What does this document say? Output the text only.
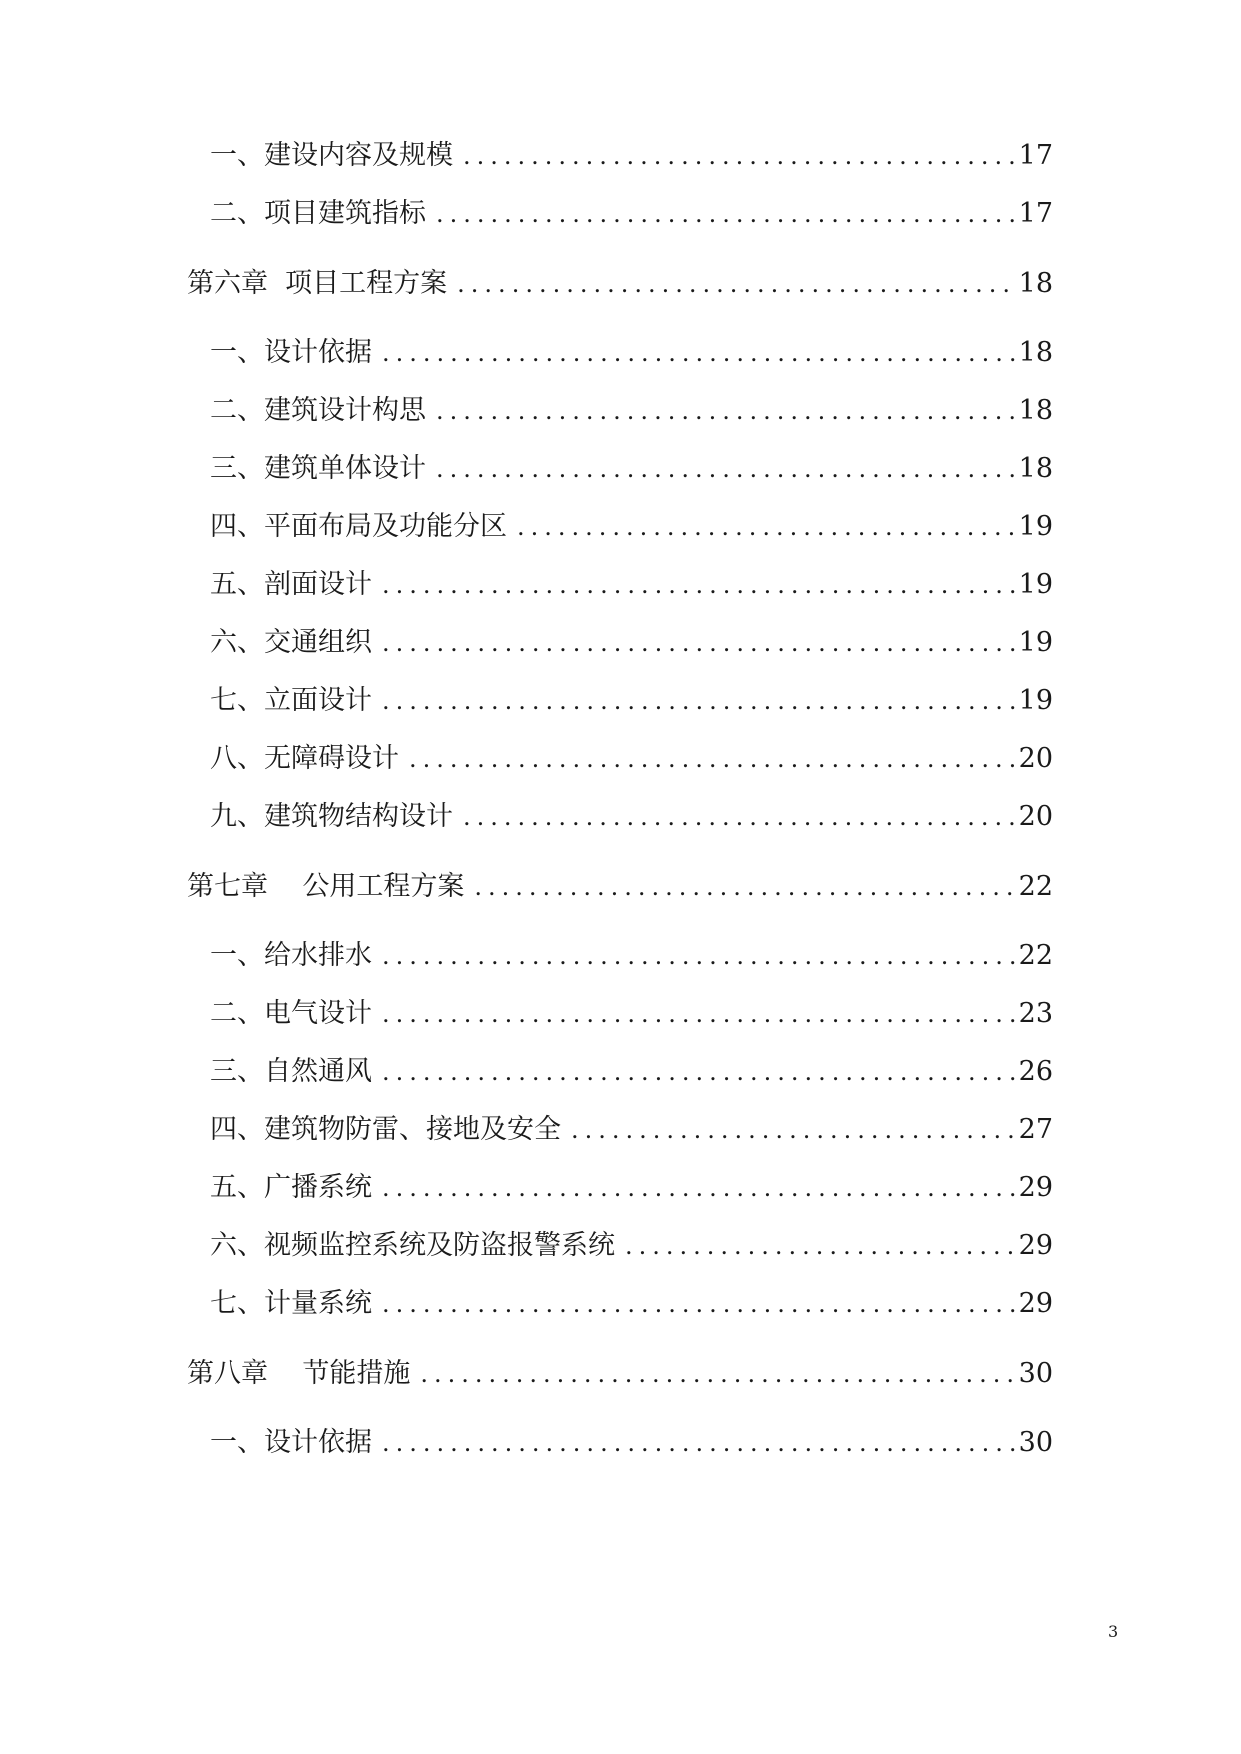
一、建设内容及规模 .....	17
二、项目建筑指标 .....	17
第六章  项目工程方案 .....	18
一、设计依据 .....	18
二、建筑设计构思 .....	18
三、建筑单体设计 .....	18
四、平面布局及功能分区 .....	19
五、剖面设计 .....	19
六、交通组织 .....	19
七、立面设计 .....	19
八、无障碍设计 .....	20
九、建筑物结构设计 .....	20
第七章    公用工程方案 .....	22
一、给水排水 .....	22
二、电气设计 .....	23
三、自然通风 .....	26
四、建筑物防雷、接地及安全 .....	27
五、广播系统 .....	29
六、视频监控系统及防盗报警系统 .....	29
七、计量系统 .....	29
第八章    节能措施 .....	30
一、设计依据 .....	30
3
